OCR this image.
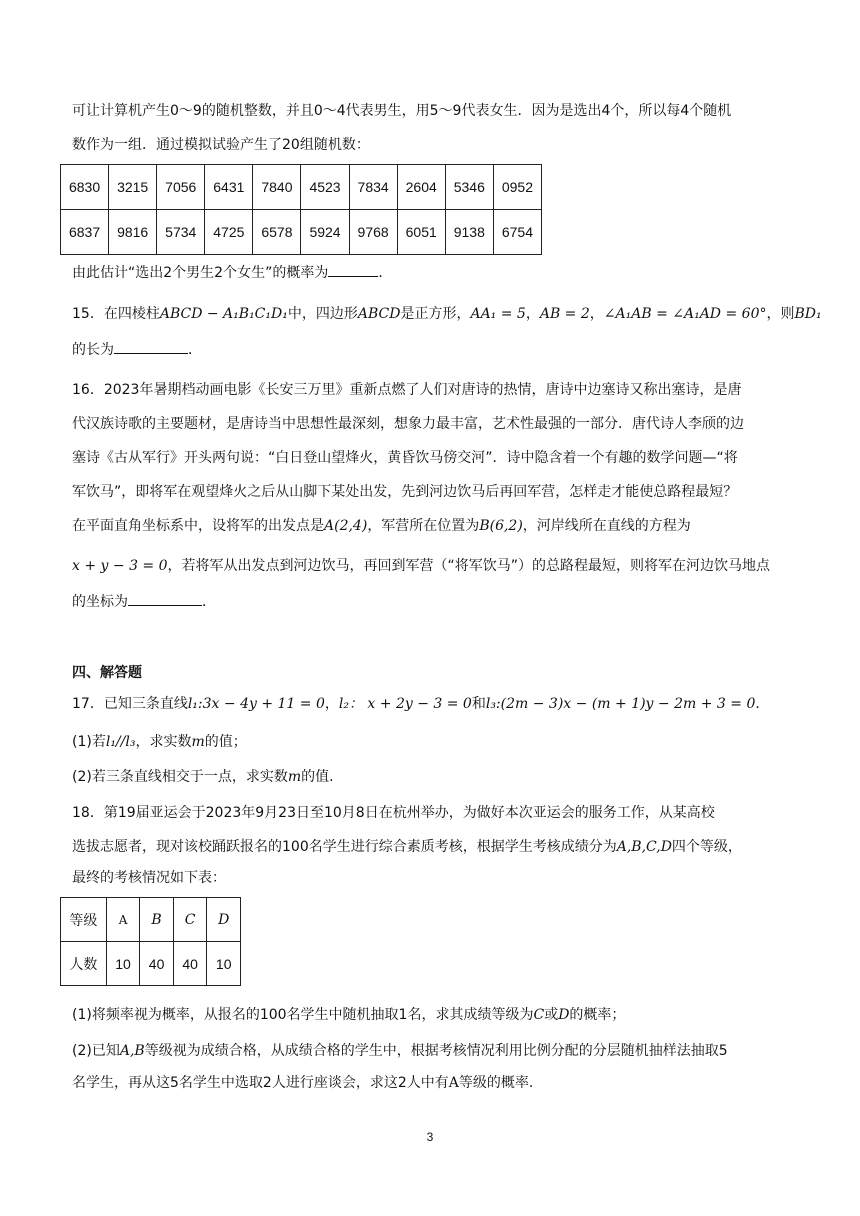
可让计算机产生0～9的随机整数，并且0～4代表男生，用5～9代表女生．因为是选出4个，所以每4个随机
数作为一组．通过模拟试验产生了20组随机数：
6830	3215	7056	6431	7840	4523	7834	2604	5346	0952
6837	9816	5734	4725	6578	5924	9768	6051	9138	6754
由此估计“选出2个男生2个女生”的概率为	．
15．在四棱柱ABCD − A₁B₁C₁D₁中，四边形ABCD是正方形，AA₁ = 5，AB = 2，∠A₁AB = ∠A₁AD = 60°，则BD₁
的长为	．
16．2023年暑期档动画电影《长安三万里》重新点燃了人们对唐诗的热情，唐诗中边塞诗又称出塞诗，是唐
代汉族诗歌的主要题材，是唐诗当中思想性最深刻，想象力最丰富，艺术性最强的一部分．唐代诗人李颀的边
塞诗《古从军行》开头两句说：“白日登山望烽火，黄昏饮马傍交河”．诗中隐含着一个有趣的数学问题—“将
军饮马”，即将军在观望烽火之后从山脚下某处出发，先到河边饮马后再回军营，怎样走才能使总路程最短？
在平面直角坐标系中，设将军的出发点是A(2,4)，军营所在位置为B(6,2)，河岸线所在直线的方程为
x + y − 3 = 0，若将军从出发点到河边饮马，再回到军营（“将军饮马”）的总路程最短，则将军在河边饮马地点
的坐标为	．
四、解答题
17．已知三条直线l₁:3x − 4y + 11 = 0，l₂： x + 2y − 3 = 0和l₃:(2m − 3)x − (m + 1)y − 2m + 3 = 0．
(1)若l₁//l₃，求实数m的值；
(2)若三条直线相交于一点，求实数m的值.
18．第19届亚运会于2023年9月23日至10月8日在杭州举办，为做好本次亚运会的服务工作，从某高校
选拔志愿者，现对该校踊跃报名的100名学生进行综合素质考核，根据学生考核成绩分为A,B,C,D四个等级，
最终的考核情况如下表：
等级	A	B	C	D
人数	10	40	40	10
(1)将频率视为概率，从报名的100名学生中随机抽取1名，求其成绩等级为C或D的概率；
(2)已知A,B等级视为成绩合格，从成绩合格的学生中，根据考核情况利用比例分配的分层随机抽样法抽取5
名学生，再从这5名学生中选取2人进行座谈会，求这2人中有A等级的概率.
3
